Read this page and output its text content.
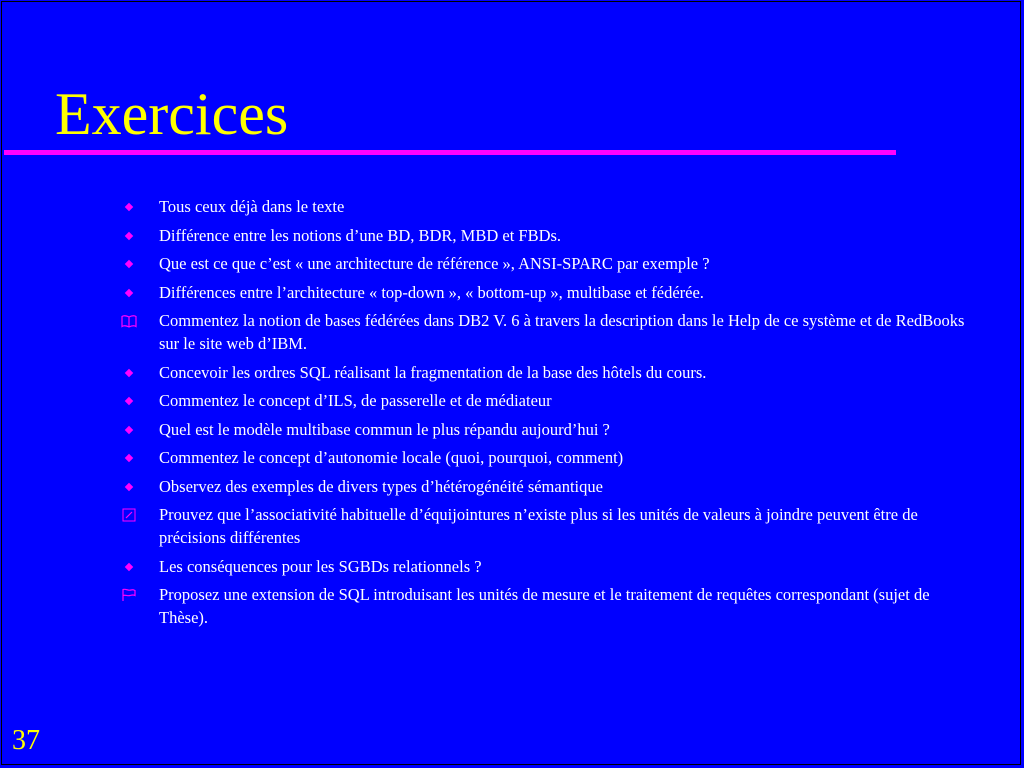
Exercices
Tous ceux déjà dans le texte
Différence entre les notions d’une BD, BDR, MBD et FBDs.
Que est ce que c’est « une architecture de référence », ANSI-SPARC par exemple ?
Différences entre l’architecture « top-down », « bottom-up », multibase et fédérée.
Commentez la notion de bases fédérées dans DB2 V. 6 à travers la description dans le Help de ce système et de RedBooks sur le site web d’IBM.
Concevoir les ordres SQL réalisant la fragmentation de la base des hôtels du cours.
Commentez le concept d’ILS, de passerelle et de médiateur
Quel est le modèle multibase commun le plus répandu aujourd’hui ?
Commentez le concept d’autonomie locale (quoi, pourquoi, comment)
Observez des exemples de divers types d’hétérogénéité sémantique
Prouvez que l’associativité habituelle d’équijointures n’existe plus si les unités de valeurs à joindre peuvent être de précisions différentes
Les conséquences pour les SGBDs relationnels ?
Proposez une extension de SQL introduisant les unités de mesure et le traitement de requêtes correspondant (sujet de Thèse).
37
